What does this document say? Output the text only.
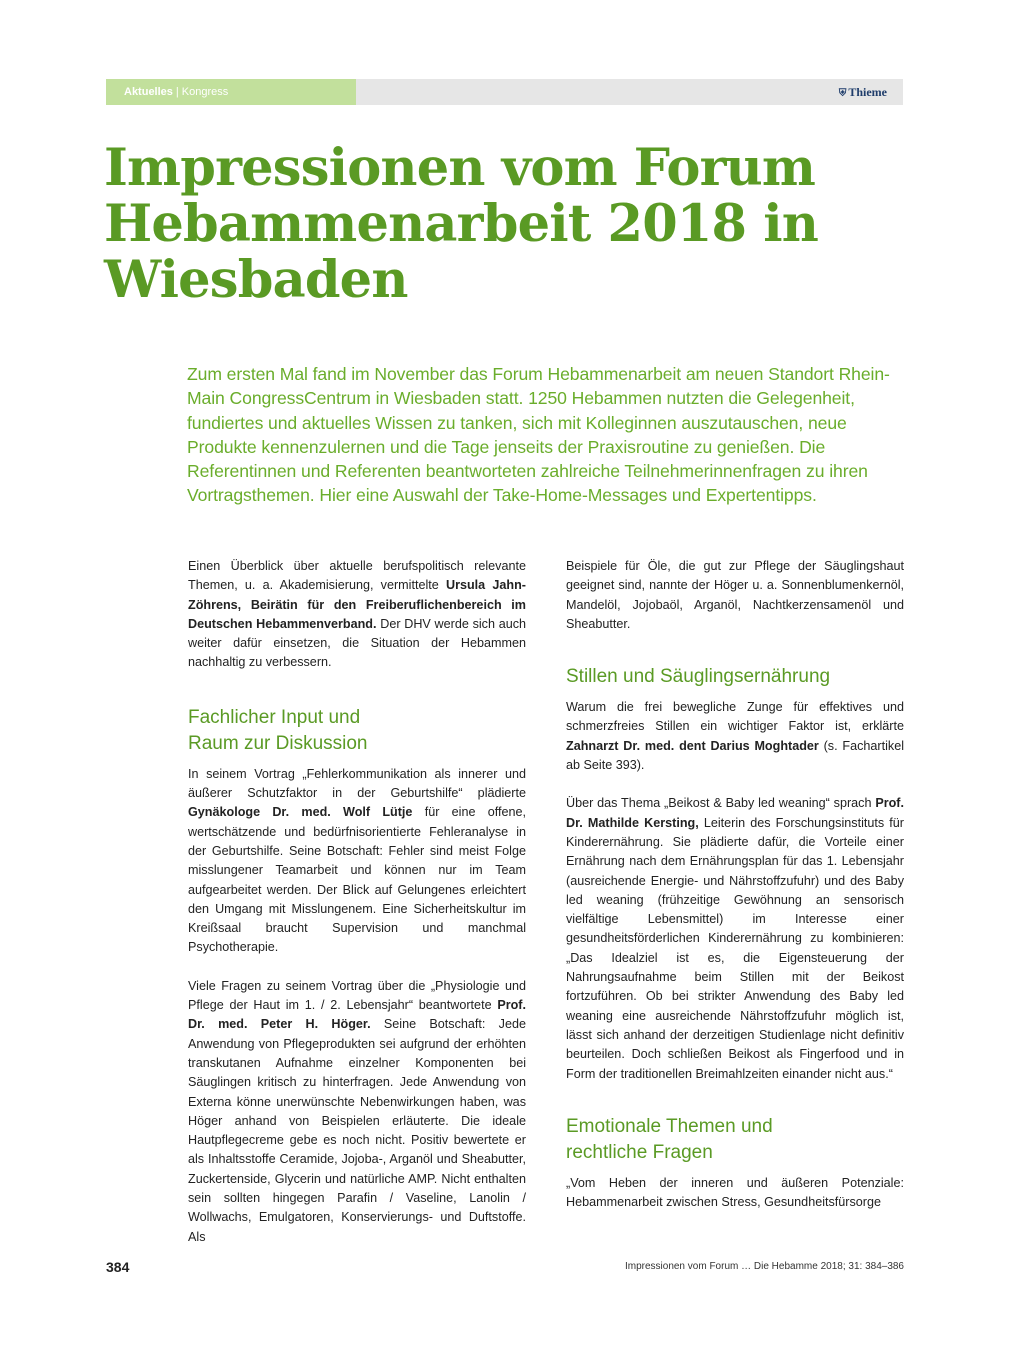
Aktuelles | Kongress	⛨ Thieme
Impressionen vom Forum Hebammenarbeit 2018 in Wiesbaden

Zum ersten Mal fand im November das Forum Hebammenarbeit am neuen Standort Rhein-Main CongressCentrum in Wiesbaden statt. 1250 Hebammen nutzten die Gelegenheit, fundiertes und aktuelles Wissen zu tanken, sich mit Kolleginnen auszutauschen, neue Produkte kennenzulernen und die Tage jenseits der Praxisroutine zu genießen. Die Referentinnen und Referenten beantworteten zahlreiche Teilnehmerinnenfragen zu ihren Vortragsthemen. Hier eine Auswahl der Take-Home-Messages und Expertentipps.

Einen Überblick über aktuelle berufspolitisch relevante Themen, u. a. Akademisierung, vermittelte Ursula Jahn-Zöhrens, Beirätin für den Freiberuflichenbereich im Deutschen Hebammenverband. Der DHV werde sich auch weiter dafür einsetzen, die Situation der Hebammen nachhaltig zu verbessern.

Fachlicher Input und
Raum zur Diskussion

In seinem Vortrag „Fehlerkommunikation als innerer und äußerer Schutzfaktor in der Geburtshilfe“ plädierte Gynäkologe Dr. med. Wolf Lütje für eine offene, wertschätzende und bedürfnisorientierte Fehleranalyse in der Geburtshilfe. Seine Botschaft: Fehler sind meist Folge misslungener Teamarbeit und können nur im Team aufgearbeitet werden. Der Blick auf Gelungenes erleichtert den Umgang mit Misslungenem. Eine Sicherheitskultur im Kreißsaal braucht Supervision und manchmal Psychotherapie.

Viele Fragen zu seinem Vortrag über die „Physiologie und Pflege der Haut im 1. / 2. Lebensjahr“ beantwortete Prof. Dr. med. Peter H. Höger. Seine Botschaft: Jede Anwendung von Pflegeprodukten sei aufgrund der erhöhten transkutanen Aufnahme einzelner Komponenten bei Säuglingen kritisch zu hinterfragen. Jede Anwendung von Externa könne unerwünschte Nebenwirkungen haben, was Höger anhand von Beispielen erläuterte. Die ideale Hautpflegecreme gebe es noch nicht. Positiv bewertete er als Inhaltsstoffe Ceramide, Jojoba-, Arganöl und Sheabutter, Zuckertenside, Glycerin und natürliche AMP. Nicht enthalten sein sollten hingegen Parafin / Vaseline, Lanolin / Wollwachs, Emulgatoren, Konservierungs- und Duftstoffe. Als

Beispiele für Öle, die gut zur Pflege der Säuglingshaut geeignet sind, nannte der Höger u. a. Sonnenblumenkernöl, Mandelöl, Jojobaöl, Arganöl, Nachtkerzensamenöl und Sheabutter.

Stillen und Säuglingsernährung

Warum die frei bewegliche Zunge für effektives und schmerzfreies Stillen ein wichtiger Faktor ist, erklärte Zahnarzt Dr. med. dent Darius Moghtader (s. Fachartikel ab Seite 393).

Über das Thema „Beikost & Baby led weaning“ sprach Prof. Dr. Mathilde Kersting, Leiterin des Forschungsinstituts für Kinderernährung. Sie plädierte dafür, die Vorteile einer Ernährung nach dem Ernährungsplan für das 1. Lebensjahr (ausreichende Energie- und Nährstoffzufuhr) und des Baby led weaning (frühzeitige Gewöhnung an sensorisch vielfältige Lebensmittel) im Interesse einer gesundheitsförderlichen Kinderernährung zu kombinieren: „Das Idealziel ist es, die Eigensteuerung der Nahrungsaufnahme beim Stillen mit der Beikost fortzuführen. Ob bei strikter Anwendung des Baby led weaning eine ausreichende Nährstoffzufuhr möglich ist, lässt sich anhand der derzeitigen Studienlage nicht definitiv beurteilen. Doch schließen Beikost als Fingerfood und in Form der traditionellen Breimahlzeiten einander nicht aus.“

Emotionale Themen und
rechtliche Fragen

„Vom Heben der inneren und äußeren Potenziale: Hebammenarbeit zwischen Stress, Gesundheitsfürsorge

384	Impressionen vom Forum … Die Hebamme 2018; 31: 384–386
